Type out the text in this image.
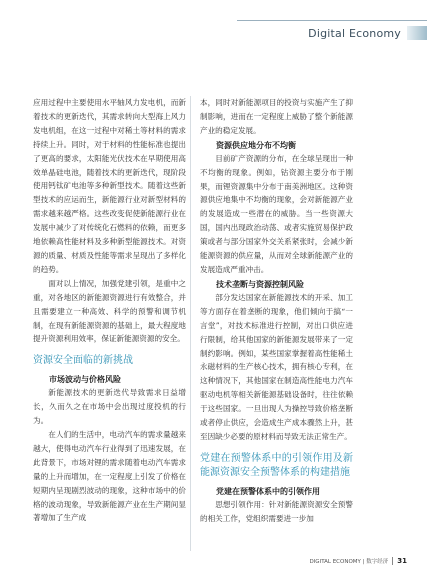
Digital Economy

应用过程中主要使用水平轴风力发电机，而新着技术的更新迭代，其需求转向大型海上风力发电机组，在这一过程中对稀土等材料的需求持续上升。同时，对于材料的性能标准也提出了更高的要求，太阳能光伏技术在早期使用高效单晶硅电池，随着技术的更新迭代，现阶段使用钙钛矿电池等多种新型技术。随着这些新型技术的应运而生，新能源行业对新型材料的需求越来越严格。这些改变促使新能源行业在发展中减少了对传统化石燃料的依赖，而更多地依赖高性能材料及多种新型能源技术。对资源的质量、材质及性能等需求呈现出了多样化的趋势。

面对以上情况，加强党建引领，是重中之重，对各地区的新能源资源进行有效整合，并且需要建立一种高效、科学的预警和调节机制，在现有新能源资源的基础上，最大程度地提升资源利用效率，保证新能源资源的安全。

资源安全面临的新挑战
市场波动与价格风险

新能源技术的更新迭代导致需求日益增长，久而久之在市场中会出现过度投机的行为。

在人们的生活中，电动汽车的需求量越来越大，使得电动汽车行业得到了迅速发展，在此背景下，市场对锂的需求随着电动汽车需求量的上升而增加，在一定程度上引发了价格在短期内呈现剧烈波动的现象，这种市场中的价格的波动现象，导致新能源产业在生产期间显著增加了生产成

本，同时对新能源项目的投资与实施产生了抑制影响，进而在一定程度上威胁了整个新能源产业的稳定发展。

资源供应地分布不均衡

目前矿产资源的分布，在全球呈现出一种不均衡的现象。例如，钴资源主要分布于刚果，而锂资源集中分布于南美洲地区。这种资源供应地集中不均衡的现象，会对新能源产业的发展造成一些潜在的威胁。当一些资源大国，国内出现政治动荡、或者实施贸易保护政策或者与部分国家外交关系紧张时，会减少新能源资源的供应量，从而对全球新能源产业的发展造成严重冲击。

技术垄断与资源控制风险

部分发达国家在新能源技术的开采、加工等方面存在着垄断的现象，他们倾向于搞“一言堂”，对技术标准进行控制，对出口供应进行限制，给其他国家的新能源发展带来了一定制约影响。例如，某些国家掌握着高性能稀土永磁材料的生产核心技术，拥有核心专利，在这种情况下，其他国家在制造高性能电力汽车驱动电机等相关新能源基础设备时，往往依赖于这些国家。一旦出现人为操控导致价格垄断或者停止供应，会造成生产成本骤然上升，甚至因缺少必要的原材料而导致无法正常生产。

党建在预警体系中的引领作用及新能源资源安全预警体系的构建措施
党建在预警体系中的引领作用

思想引领作用：针对新能源资源安全预警的相关工作，党组织需要进一步加

DIGITAL ECONOMY | 数字经济	31
